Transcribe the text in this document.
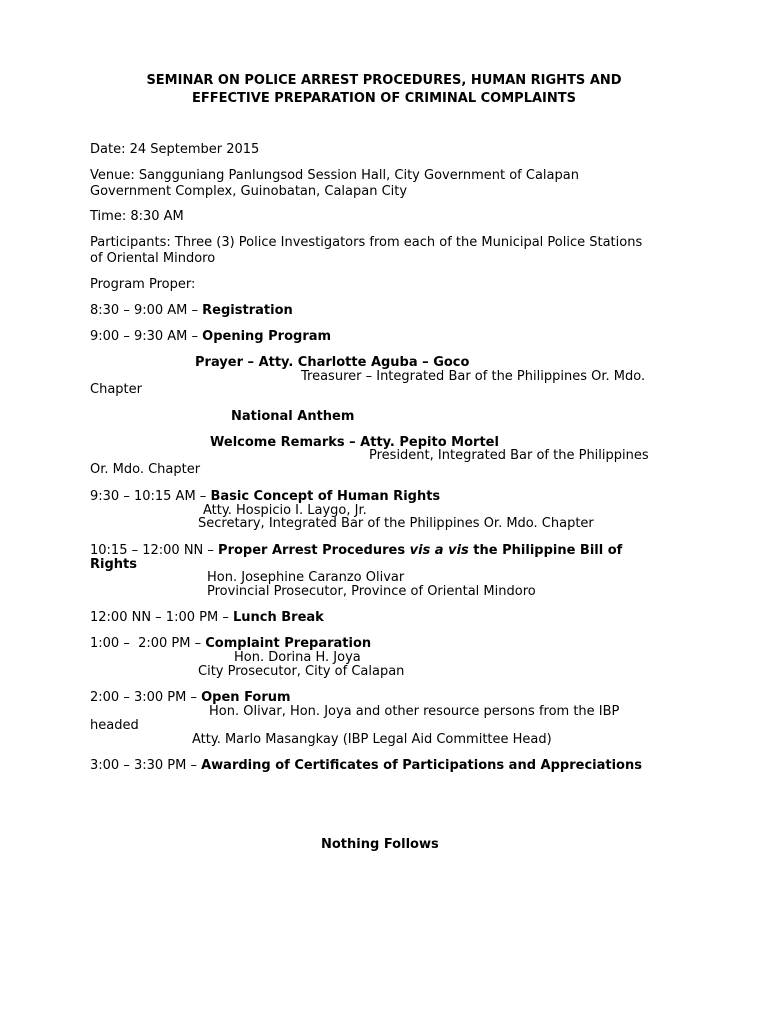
SEMINAR ON POLICE ARREST PROCEDURES, HUMAN RIGHTS AND
EFFECTIVE PREPARATION OF CRIMINAL COMPLAINTS
Date: 24 September 2015
Venue: Sangguniang Panlungsod Session Hall, City Government of Calapan
Government Complex, Guinobatan, Calapan City
Time: 8:30 AM
Participants: Three (3) Police Investigators from each of the Municipal Police Stations
of Oriental Mindoro
Program Proper:
8:30 – 9:00 AM – Registration
9:00 – 9:30 AM – Opening Program
Prayer – Atty. Charlotte Aguba – Goco
Treasurer – Integrated Bar of the Philippines Or. Mdo.
Chapter
National Anthem
Welcome Remarks – Atty. Pepito Mortel
President, Integrated Bar of the Philippines
Or. Mdo. Chapter
9:30 – 10:15 AM – Basic Concept of Human Rights
Atty. Hospicio I. Laygo, Jr.
Secretary, Integrated Bar of the Philippines Or. Mdo. Chapter
10:15 – 12:00 NN – Proper Arrest Procedures vis a vis the Philippine Bill of
Rights
Hon. Josephine Caranzo Olivar
Provincial Prosecutor, Province of Oriental Mindoro
12:00 NN – 1:00 PM – Lunch Break
1:00 –  2:00 PM – Complaint Preparation
Hon. Dorina H. Joya
City Prosecutor, City of Calapan
2:00 – 3:00 PM – Open Forum
Hon. Olivar, Hon. Joya and other resource persons from the IBP
headed
Atty. Marlo Masangkay (IBP Legal Aid Committee Head)
3:00 – 3:30 PM – Awarding of Certificates of Participations and Appreciations
Nothing Follows
